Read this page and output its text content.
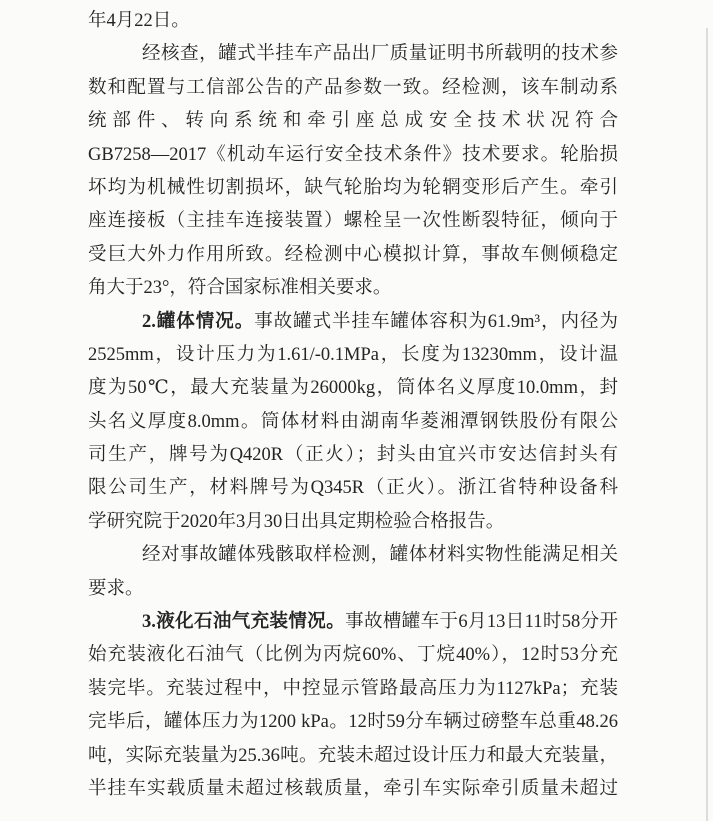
年4月22日。
经核查，罐式半挂车产品出厂质量证明书所载明的技术参
数和配置与工信部公告的产品参数一致。经检测，该车制动系
统部件、转向系统和牵引座总成安全技术状况符合
GB7258—2017《机动车运行安全技术条件》技术要求。轮胎损
坏均为机械性切割损坏，缺气轮胎均为轮辋变形后产生。牵引
座连接板（主挂车连接装置）螺栓呈一次性断裂特征，倾向于
受巨大外力作用所致。经检测中心模拟计算，事故车侧倾稳定
角大于23°，符合国家标准相关要求。
2.罐体情况。事故罐式半挂车罐体容积为61.9m³，内径为
2525mm，设计压力为1.61/-0.1MPa，长度为13230mm，设计温
度为50℃，最大充装量为26000kg，筒体名义厚度10.0mm，封
头名义厚度8.0mm。筒体材料由湖南华菱湘潭钢铁股份有限公
司生产，牌号为Q420R（正火）；封头由宜兴市安达信封头有
限公司生产，材料牌号为Q345R（正火）。浙江省特种设备科
学研究院于2020年3月30日出具定期检验合格报告。
经对事故罐体残骸取样检测，罐体材料实物性能满足相关
要求。
3.液化石油气充装情况。事故槽罐车于6月13日11时58分开
始充装液化石油气（比例为丙烷60%、丁烷40%），12时53分充
装完毕。充装过程中，中控显示管路最高压力为1127kPa；充装
完毕后，罐体压力为1200 kPa。12时59分车辆过磅整车总重48.26
吨，实际充装量为25.36吨。充装未超过设计压力和最大充装量，
半挂车实载质量未超过核载质量，牵引车实际牵引质量未超过
